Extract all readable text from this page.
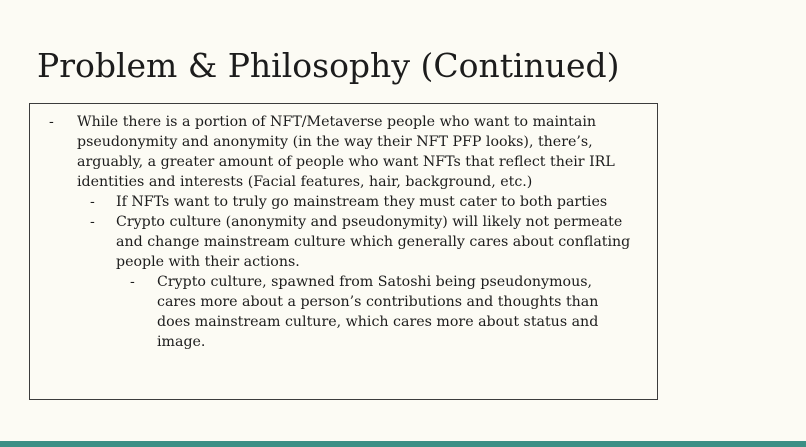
Problem & Philosophy (Continued)
- While there is a portion of NFT/Metaverse people who want to maintain pseudonymity and anonymity (in the way their NFT PFP looks), there’s, arguably, a greater amount of people who want NFTs that reflect their IRL identities and interests (Facial features, hair, background, etc.)
- If NFTs want to truly go mainstream they must cater to both parties
- Crypto culture (anonymity and pseudonymity) will likely not permeate and change mainstream culture which generally cares about conflating people with their actions.
- Crypto culture, spawned from Satoshi being pseudonymous, cares more about a person’s contributions and thoughts than does mainstream culture, which cares more about status and image.
